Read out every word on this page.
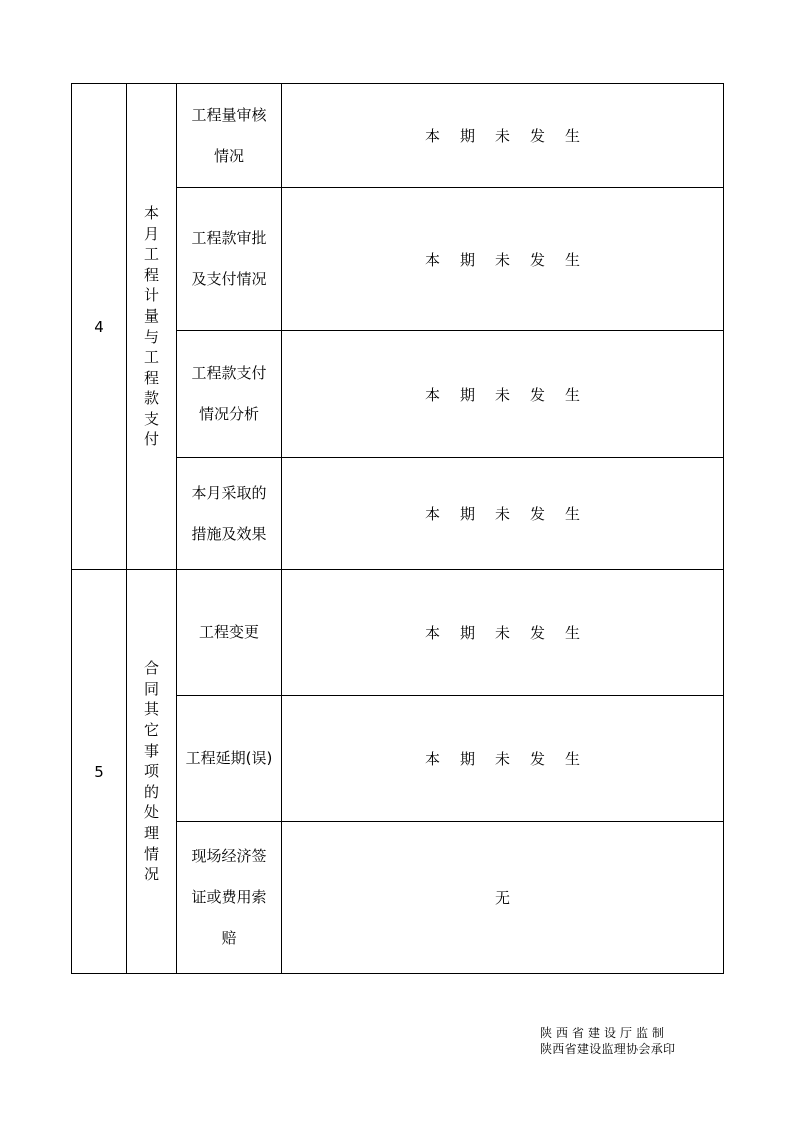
4	本月工程计量与工程款支付	工程量审核情况	本期未发生
		工程款审批及支付情况	本期未发生
		工程款支付情况分析	本期未发生
		本月采取的措施及效果	本期未发生
5	合同其它事项的处理情况	工程变更	本期未发生
		工程延期(误)	本期未发生
		现场经济签证或费用索赔	无
陕西省建设厅监制
陕西省建设监理协会承印
